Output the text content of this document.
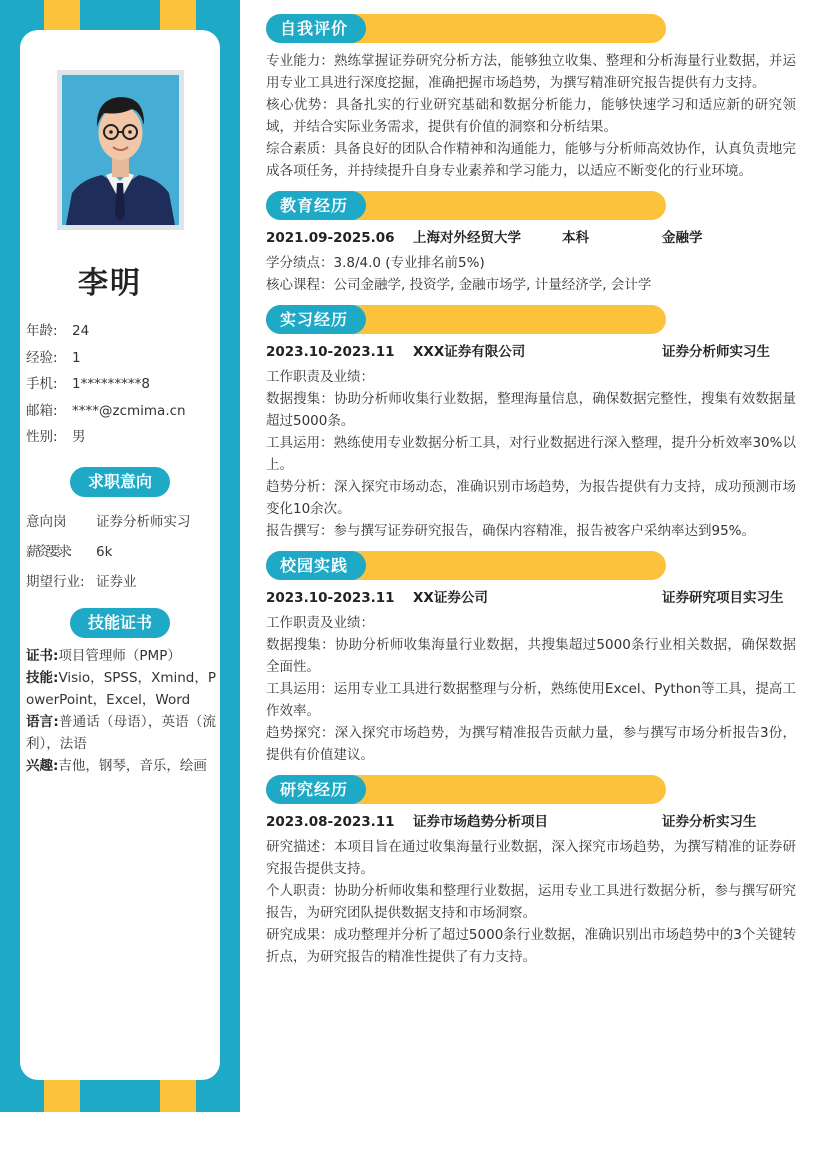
李明
年龄: 24
经验: 1
手机: 1*********8
邮箱: ****@zcmima.cn
性别: 男
求职意向
意向岗 证券分析师实习
薪资要求: 6k
期望行业: 证券业
技能证书

证书:项目管理师（PMP）

技能:Visio，SPSS，Xmind，PowerPoint，Excel，Word

语言:普通话（母语），英语（流利），法语

兴趣:吉他，钢琴，音乐，绘画

自我评价
专业能力：熟练掌握证券研究分析方法，能够独立收集、整理和分析海量行业数据，并运用专业工具进行深度挖掘，准确把握市场趋势，为撰写精准研究报告提供有力支持。
核心优势：具备扎实的行业研究基础和数据分析能力，能够快速学习和适应新的研究领域，并结合实际业务需求，提供有价值的洞察和分析结果。
综合素质：具备良好的团队合作精神和沟通能力，能够与分析师高效协作，认真负责地完成各项任务，并持续提升自身专业素养和学习能力，以适应不断变化的行业环境。
教育经历
2021.09-2025.06 上海对外经贸大学	本科	金融学
学分绩点：3.8/4.0 (专业排名前5%)
核心课程：公司金融学, 投资学, 金融市场学, 计量经济学, 会计学
实习经历
2023.10-2023.11 XXX证券有限公司	证券分析师实习生
工作职责及业绩：
数据搜集：协助分析师收集行业数据，整理海量信息，确保数据完整性，搜集有效数据量超过5000条。
工具运用：熟练使用专业数据分析工具，对行业数据进行深入整理，提升分析效率30%以上。
趋势分析：深入探究市场动态，准确识别市场趋势，为报告提供有力支持，成功预测市场变化10余次。
报告撰写：参与撰写证券研究报告，确保内容精准，报告被客户采纳率达到95%。
校园实践
2023.10-2023.11 XX证券公司	证券研究项目实习生
工作职责及业绩：
数据搜集：协助分析师收集海量行业数据，共搜集超过5000条行业相关数据，确保数据全面性。
工具运用：运用专业工具进行数据整理与分析，熟练使用Excel、Python等工具，提高工作效率。
趋势探究：深入探究市场趋势，为撰写精准报告贡献力量，参与撰写市场分析报告3份，提供有价值建议。
研究经历
2023.08-2023.11 证券市场趋势分析项目	证券分析实习生
研究描述：本项目旨在通过收集海量行业数据，深入探究市场趋势，为撰写精准的证券研究报告提供支持。
个人职责：协助分析师收集和整理行业数据，运用专业工具进行数据分析，参与撰写研究报告，为研究团队提供数据支持和市场洞察。
研究成果：成功整理并分析了超过5000条行业数据，准确识别出市场趋势中的3个关键转折点，为研究报告的精准性提供了有力支持。
